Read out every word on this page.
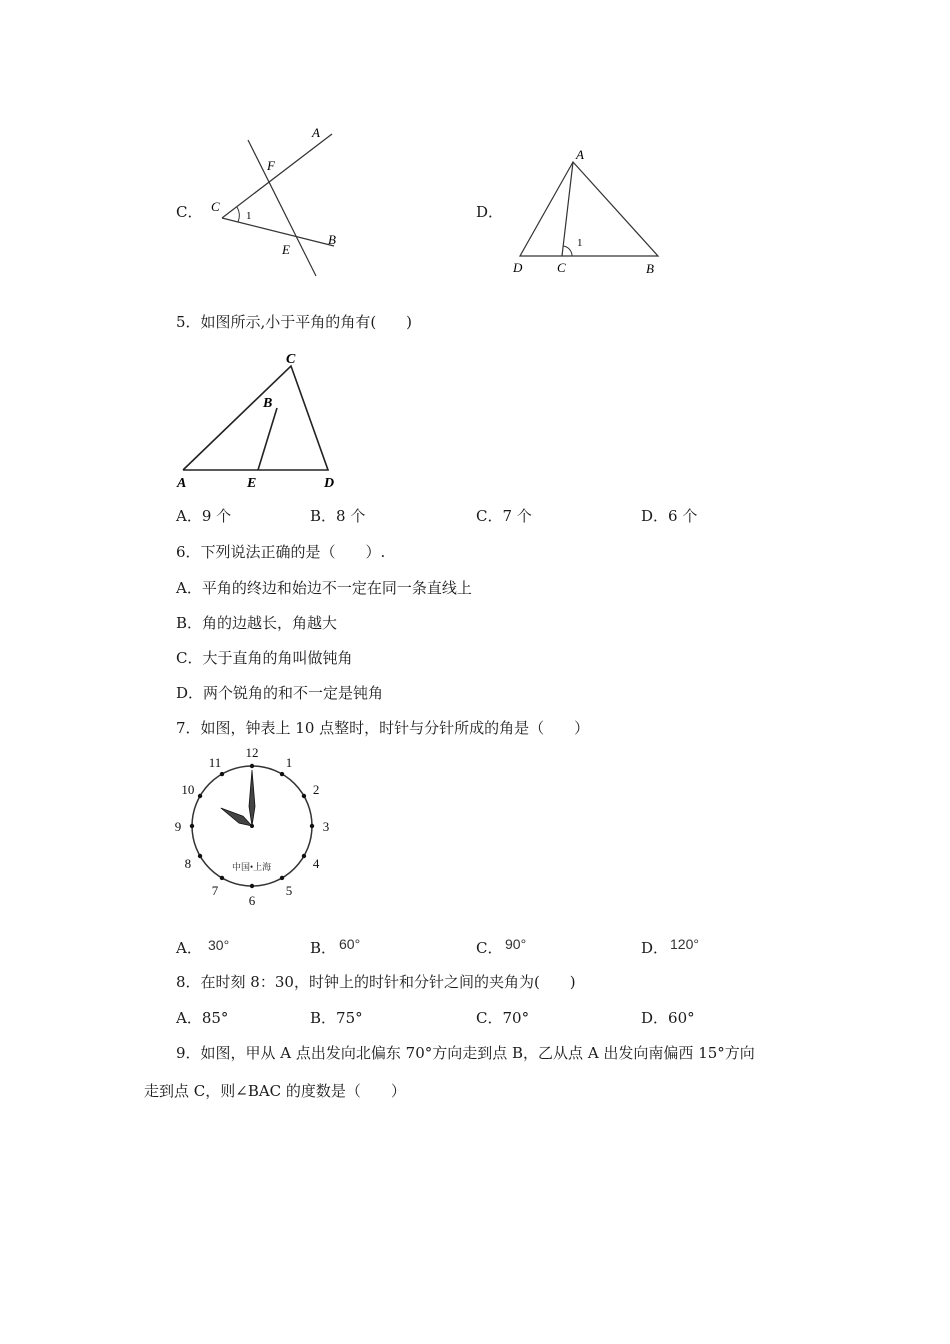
C．
A
F
C
1
E
B
D．
A
1
D	C	B
5．如图所示,小于平角的角有(　　)
C
B
A	E	D
A．9 个	B．8 个	C．7 个	D．6 个
6．下列说法正确的是（　　）.
A．平角的终边和始边不一定在同一条直线上
B．角的边越长，角越大
C．大于直角的角叫做钝角
D．两个锐角的和不一定是钝角
7．如图，钟表上 10 点整时，时针与分针所成的角是（　　）
12
1
2
3
4
5
6
7
8
9
10
11
中国•上海
A． 30°	B． 60°	C． 90°	D． 120°
8．在时刻 8：30，时钟上的时针和分针之间的夹角为(　　)
A．85°	B．75°	C．70°	D．60°
9．如图，甲从 A 点出发向北偏东 70°方向走到点 B，乙从点 A 出发向南偏西 15°方向
走到点 C，则∠BAC 的度数是（　　）
